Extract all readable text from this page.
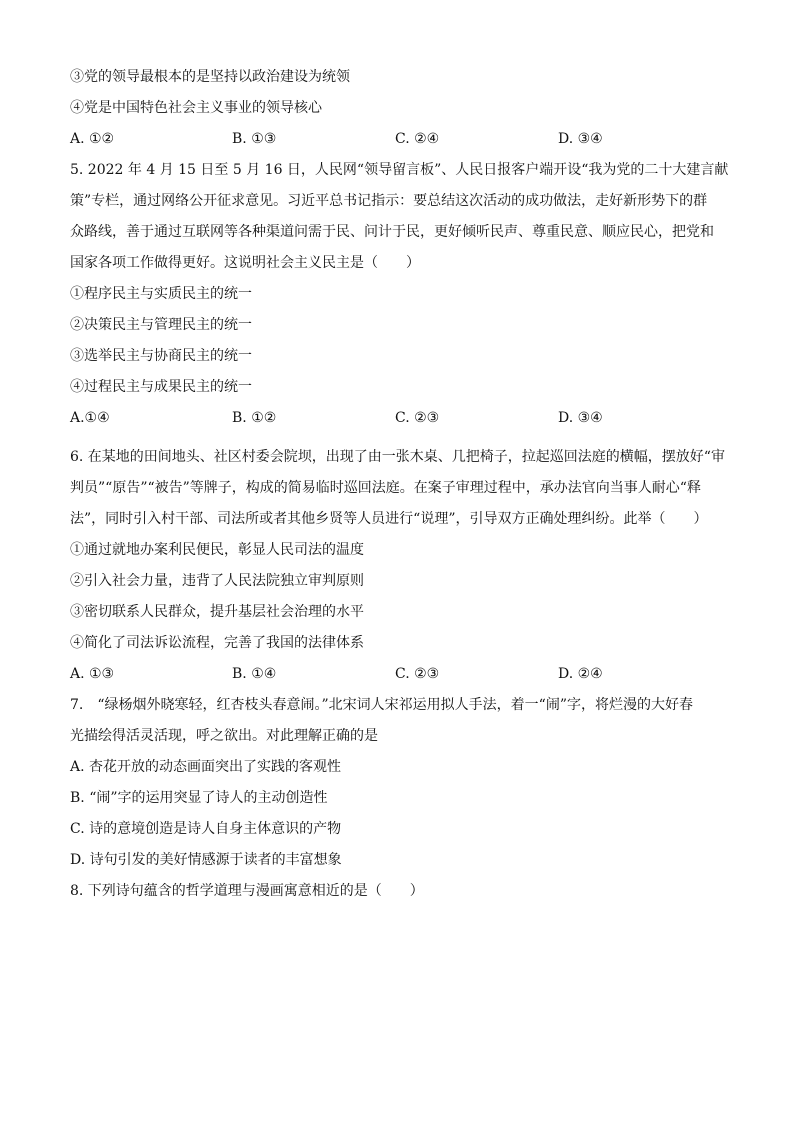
③党的领导最根本的是坚持以政治建设为统领
④党是中国特色社会主义事业的领导核心
A. ①②	B. ①③	C. ②④	D. ③④
5. 2022 年 4 月 15 日至 5 月 16 日，人民网“领导留言板”、人民日报客户端开设“我为党的二十大建言献
策”专栏，通过网络公开征求意见。习近平总书记指示：要总结这次活动的成功做法，走好新形势下的群
众路线，善于通过互联网等各种渠道问需于民、问计于民，更好倾听民声、尊重民意、顺应民心，把党和
国家各项工作做得更好。这说明社会主义民主是（　　）
①程序民主与实质民主的统一
②决策民主与管理民主的统一
③选举民主与协商民主的统一
④过程民主与成果民主的统一
A.①④	B. ①②	C. ②③	D. ③④
6. 在某地的田间地头、社区村委会院坝，出现了由一张木桌、几把椅子，拉起巡回法庭的横幅，摆放好“审
判员”“原告”“被告”等牌子，构成的简易临时巡回法庭。在案子审理过程中，承办法官向当事人耐心“释
法”，同时引入村干部、司法所或者其他乡贤等人员进行“说理”，引导双方正确处理纠纷。此举（　　）
①通过就地办案利民便民，彰显人民司法的温度
②引入社会力量，违背了人民法院独立审判原则
③密切联系人民群众，提升基层社会治理的水平
④简化了司法诉讼流程，完善了我国的法律体系
A. ①③	B. ①④	C. ②③	D. ②④
7.　“绿杨烟外晓寒轻，红杏枝头春意闹。”北宋词人宋祁运用拟人手法，着一“闹”字，将烂漫的大好春
光描绘得活灵活现，呼之欲出。对此理解正确的是
A. 杏花开放的动态画面突出了实践的客观性
B. “闹”字的运用突显了诗人的主动创造性
C. 诗的意境创造是诗人自身主体意识的产物
D. 诗句引发的美好情感源于读者的丰富想象
8. 下列诗句蕴含的哲学道理与漫画寓意相近的是（　　）
